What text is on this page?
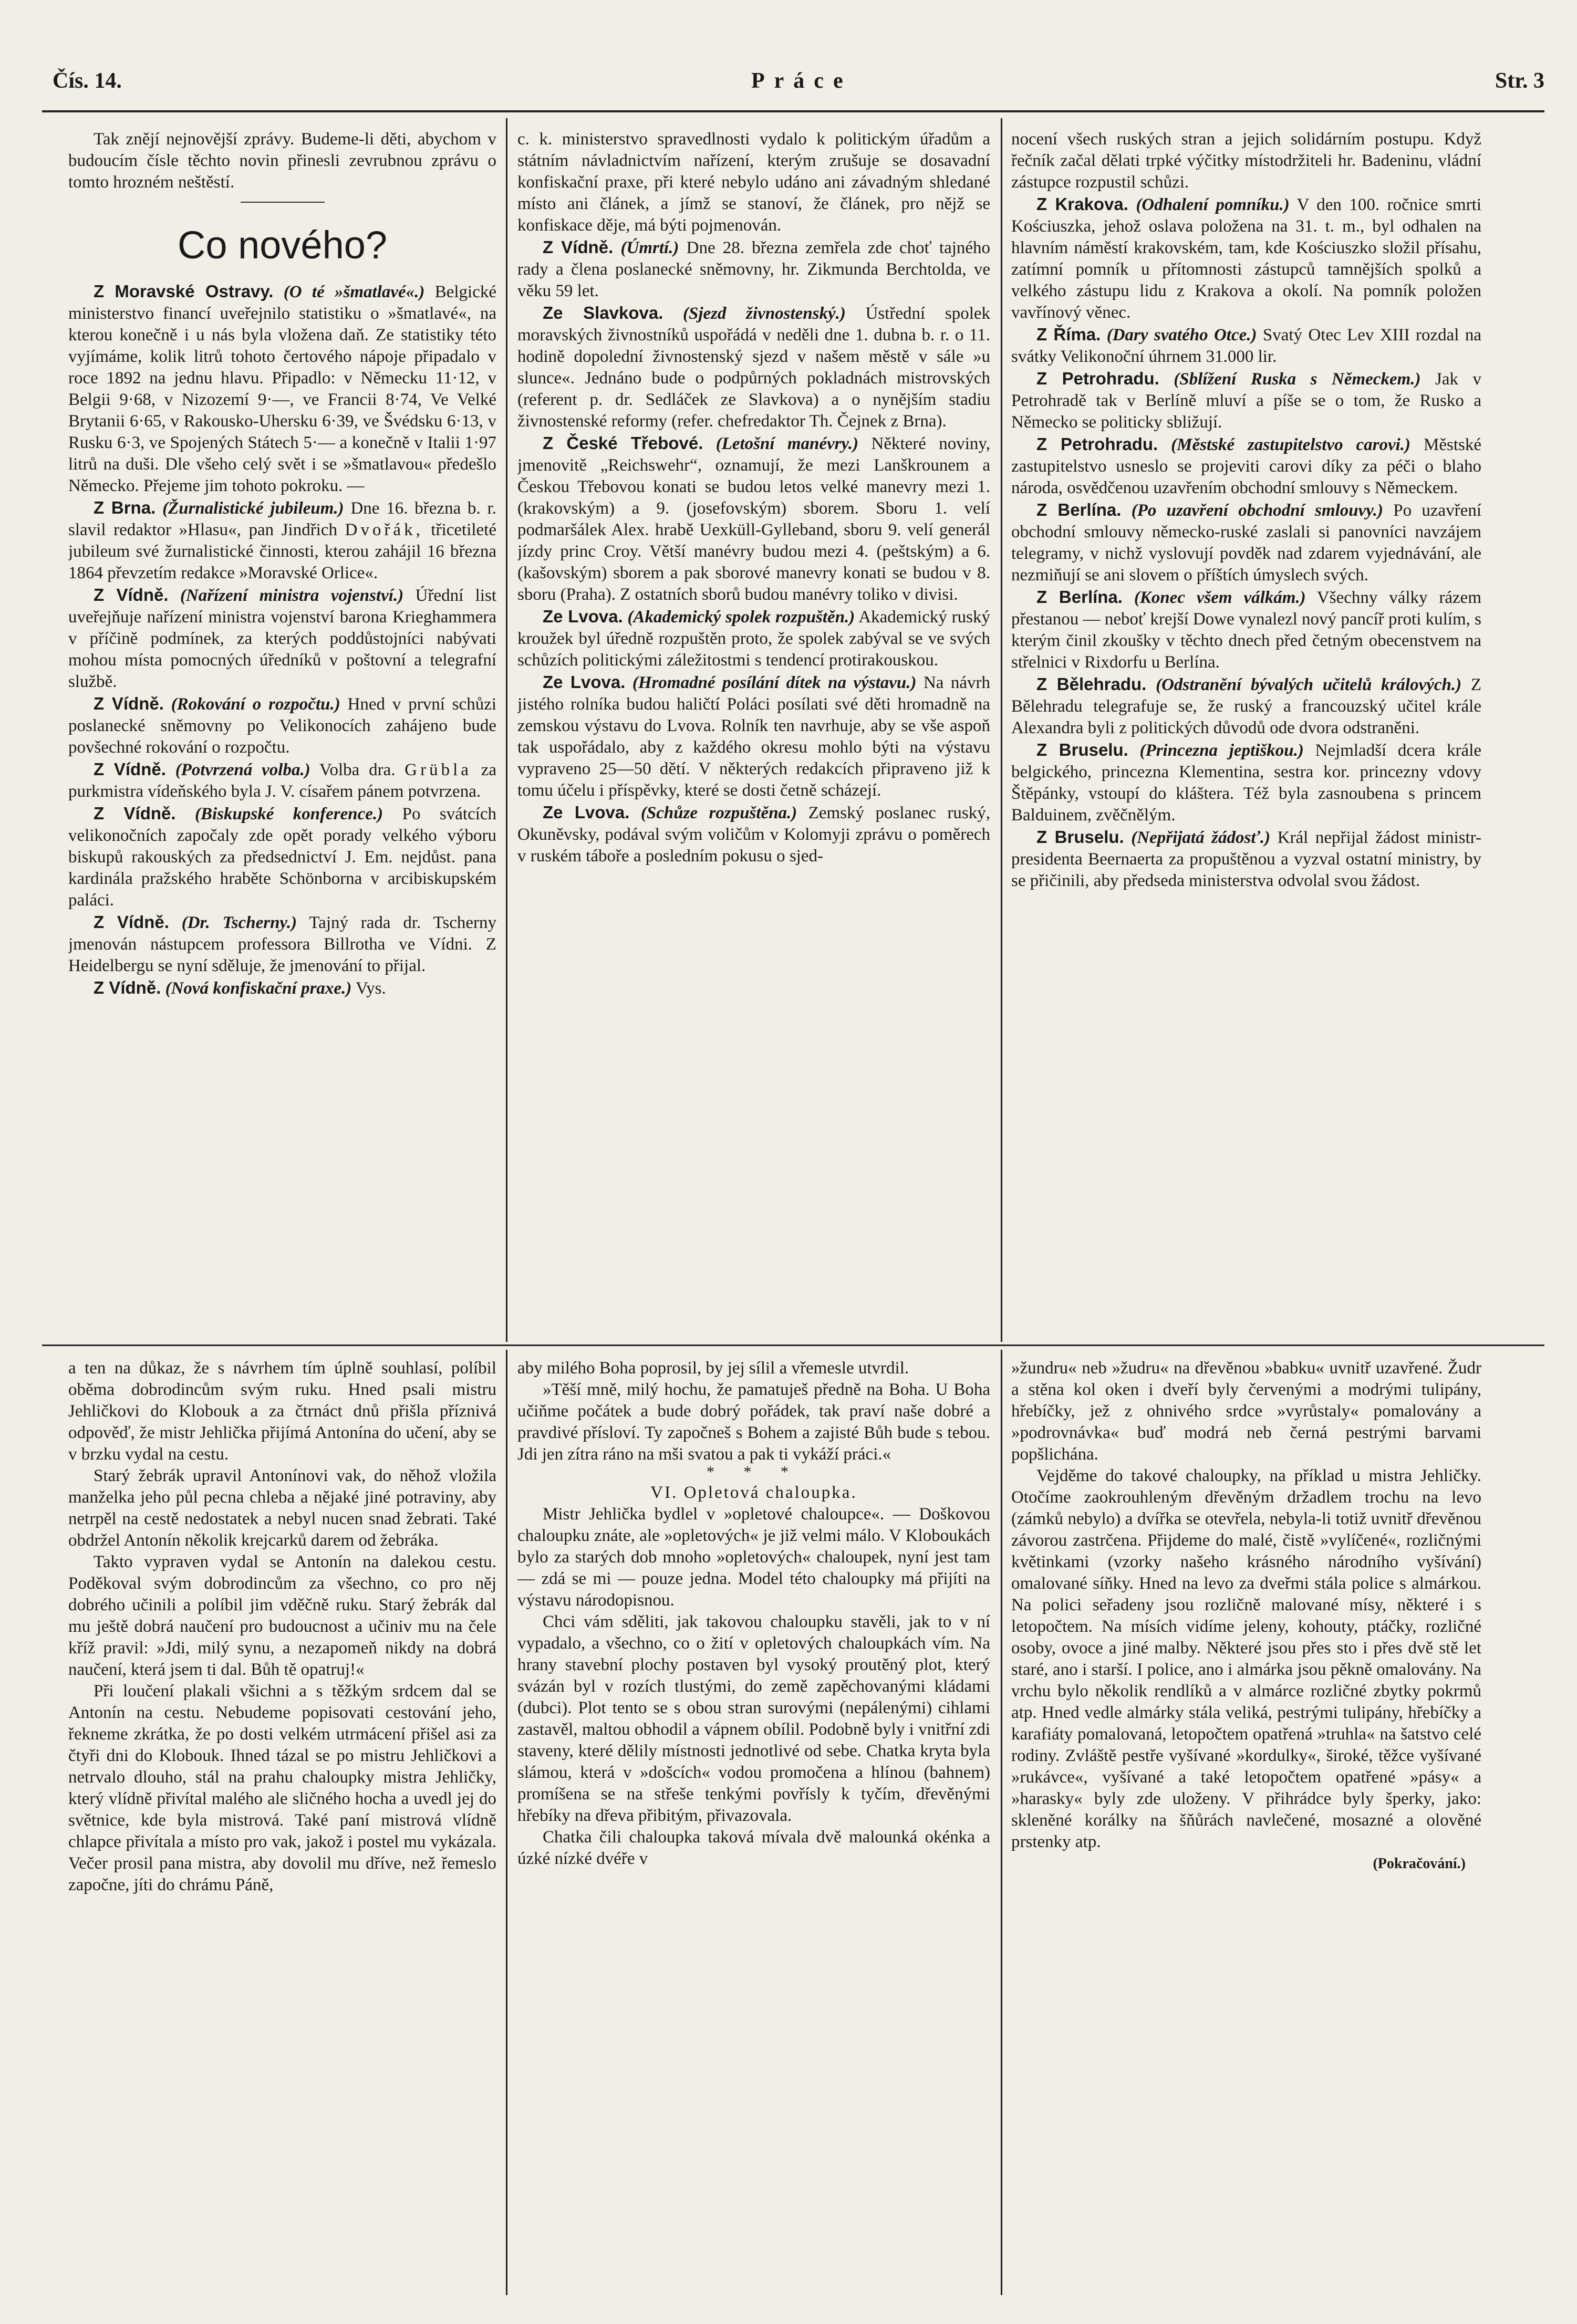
Čís. 14.	Práce	Str. 3

Tak znějí nejnovější zprávy. Budeme-li děti, abychom v budoucím čísle těchto novin přinesli zevrubnou zprávu o tomto hrozném neštěstí.

Co nového?

Z Moravské Ostravy. (O té »šmatlavé«.) Belgické ministerstvo financí uveřejnilo statistiku o »šmatlavé«, na kterou konečně i u nás byla vložena daň. Ze statistiky této vyjímáme, kolik litrů tohoto čertového nápoje připadalo v roce 1892 na jednu hlavu. Připadlo: v Německu 11·12, v Belgii 9·68, v Nizozemí 9·—, ve Francii 8·74, Ve Velké Brytanii 6·65, v Rakousko-Uhersku 6·39, ve Švédsku 6·13, v Rusku 6·3, ve Spojených Státech 5·— a konečně v Italii 1·97 litrů na duši. Dle všeho celý svět i se »šmatlavou« předešlo Německo. Přejeme jim tohoto pokroku. —

Z Brna. (Žurnalistické jubileum.) Dne 16. března b. r. slavil redaktor »Hlasu«, pan Jindřich Dvořák, třicetileté jubileum své žurnalistické činnosti, kterou zahájil 16 března 1864 převzetím redakce »Moravské Orlice«.

Z Vídně. (Nařízení ministra vojenství.) Úřední list uveřejňuje nařízení ministra vojenství barona Krieghammera v příčině podmínek, za kterých poddůstojníci nabývati mohou místa pomocných úředníků v poštovní a telegrafní službě.

Z Vídně. (Rokování o rozpočtu.) Hned v první schůzi poslanecké sněmovny po Velikonocích zahájeno bude povšechné rokování o rozpočtu.

Z Vídně. (Potvrzená volba.) Volba dra. Grübla za purkmistra vídeňského byla J. V. císařem pánem potvrzena.

Z Vídně. (Biskupské konference.) Po svátcích velikonočních započaly zde opět porady velkého výboru biskupů rakouských za předsednictví J. Em. nejdůst. pana kardinála pražského hraběte Schönborna v arcibiskupském paláci.

Z Vídně. (Dr. Tscherny.) Tajný rada dr. Tscherny jmenován nástupcem professora Billrotha ve Vídni. Z Heidelbergu se nyní sděluje, že jmenování to přijal.

Z Vídně. (Nová konfiskační praxe.) Vys.

c. k. ministerstvo spravedlnosti vydalo k politickým úřadům a státním návladnictvím nařízení, kterým zrušuje se dosavadní konfiskační praxe, při které nebylo udáno ani závadným shledané místo ani článek, a jímž se stanoví, že článek, pro nějž se konfiskace děje, má býti pojmenován.

Z Vídně. (Úmrtí.) Dne 28. března zemřela zde choť tajného rady a člena poslanecké sněmovny, hr. Zikmunda Berchtolda, ve věku 59 let.

Ze Slavkova. (Sjezd živnostenský.) Ústřední spolek moravských živnostníků uspořádá v neděli dne 1. dubna b. r. o 11. hodině dopolední živnostenský sjezd v našem městě v sále »u slunce«. Jednáno bude o podpůrných pokladnách mistrovských (referent p. dr. Sedláček ze Slavkova) a o nynějším stadiu živnostenské reformy (refer. chefredaktor Th. Čejnek z Brna).

Z České Třebové. (Letošní manévry.) Některé noviny, jmenovitě „Reichswehr“, oznamují, že mezi Lanškrounem a Českou Třebovou konati se budou letos velké manevry mezi 1. (krakovským) a 9. (josefovským) sborem. Sboru 1. velí podmaršálek Alex. hrabě Uexküll-Gylleband, sboru 9. velí generál jízdy princ Croy. Větší manévry budou mezi 4. (peštským) a 6. (kašovským) sborem a pak sborové manevry konati se budou v 8. sboru (Praha). Z ostatních sborů budou manévry toliko v divisi.

Ze Lvova. (Akademický spolek rozpuštěn.) Akademický ruský kroužek byl úředně rozpuštěn proto, že spolek zabýval se ve svých schůzích politickými záležitostmi s tendencí protirakouskou.

Ze Lvova. (Hromadné posílání dítek na výstavu.) Na návrh jistého rolníka budou haličtí Poláci posílati své děti hromadně na zemskou výstavu do Lvova. Rolník ten navrhuje, aby se vše aspoň tak uspořádalo, aby z každého okresu mohlo býti na výstavu vypraveno 25—50 dětí. V některých redakcích připraveno již k tomu účelu i příspěvky, které se dosti četně scházejí.

Ze Lvova. (Schůze rozpuštěna.) Zemský poslanec ruský, Okuněvsky, podával svým voličům v Kolomyji zprávu o poměrech v ruském táboře a posledním pokusu o sjed-

nocení všech ruských stran a jejich solidárním postupu. Když řečník začal dělati trpké výčitky místodržiteli hr. Badeninu, vládní zástupce rozpustil schůzi.

Z Krakova. (Odhalení pomníku.) V den 100. ročnice smrti Kościuszka, jehož oslava položena na 31. t. m., byl odhalen na hlavním náměstí krakovském, tam, kde Kościuszko složil přísahu, zatímní pomník u přítomnosti zástupců tamnějších spolků a velkého zástupu lidu z Krakova a okolí. Na pomník položen vavřínový věnec.

Z Říma. (Dary svatého Otce.) Svatý Otec Lev XIII rozdal na svátky Velikonoční úhrnem 31.000 lir.

Z Petrohradu. (Sblížení Ruska s Německem.) Jak v Petrohradě tak v Berlíně mluví a píše se o tom, že Rusko a Německo se politicky sbližují.

Z Petrohradu. (Městské zastupitelstvo carovi.) Městské zastupitelstvo usneslo se projeviti carovi díky za péči o blaho národa, osvědčenou uzavřením obchodní smlouvy s Německem.

Z Berlína. (Po uzavření obchodní smlouvy.) Po uzavření obchodní smlouvy německo-ruské zaslali si panovníci navzájem telegramy, v nichž vyslovují povděk nad zdarem vyjednávání, ale nezmiňují se ani slovem o příštích úmyslech svých.

Z Berlína. (Konec všem válkám.) Všechny války rázem přestanou — neboť krejší Dowe vynalezl nový pancíř proti kulím, s kterým činil zkoušky v těchto dnech před četným obecenstvem na střelnici v Rixdorfu u Berlína.

Z Bělehradu. (Odstranění bývalých učitelů králových.) Z Bělehradu telegrafuje se, že ruský a francouzský učitel krále Alexandra byli z politických důvodů ode dvora odstraněni.

Z Bruselu. (Princezna jeptiškou.) Nejmladší dcera krále belgického, princezna Klementina, sestra kor. princezny vdovy Štěpánky, vstoupí do kláštera. Též byla zasnoubena s princem Balduinem, zvěčnělým.

Z Bruselu. (Nepřijatá žádosť.) Král nepřijal žádost ministr-presidenta Beernaerta za propuštěnou a vyzval ostatní ministry, by se přičinili, aby předseda ministerstva odvolal svou žádost.

a ten na důkaz, že s návrhem tím úplně souhlasí, políbil oběma dobrodincům svým ruku. Hned psali mistru Jehličkovi do Klobouk a za čtrnáct dnů přišla příznivá odpověď, že mistr Jehlička přijímá Antonína do učení, aby se v brzku vydal na cestu.

Starý žebrák upravil Antonínovi vak, do něhož vložila manželka jeho půl pecna chleba a nějaké jiné potraviny, aby netrpěl na cestě nedostatek a nebyl nucen snad žebrati. Také obdržel Antonín několik krejcarků darem od žebráka.

Takto vypraven vydal se Antonín na dalekou cestu. Poděkoval svým dobrodincům za všechno, co pro něj dobrého učinili a políbil jim vděčně ruku. Starý žebrák dal mu ještě dobrá naučení pro budoucnost a učiniv mu na čele kříž pravil: »Jdi, milý synu, a nezapomeň nikdy na dobrá naučení, která jsem ti dal. Bůh tě opatruj!«

Při loučení plakali všichni a s těžkým srdcem dal se Antonín na cestu. Nebudeme popisovati cestování jeho, řekneme zkrátka, že po dosti velkém utrmácení přišel asi za čtyři dni do Klobouk. Ihned tázal se po mistru Jehličkovi a netrvalo dlouho, stál na prahu chaloupky mistra Jehličky, který vlídně přivítal malého ale sličného hocha a uvedl jej do světnice, kde byla mistrová. Také paní mistrová vlídně chlapce přivítala a místo pro vak, jakož i postel mu vykázala. Večer prosil pana mistra, aby dovolil mu dříve, než řemeslo započne, jíti do chrámu Páně,

aby milého Boha poprosil, by jej sílil a vřemesle utvrdil.

»Těší mně, milý hochu, že pamatuješ předně na Boha. U Boha učiňme počátek a bude dobrý pořádek, tak praví naše dobré a pravdivé přísloví. Ty započneš s Bohem a zajisté Bůh bude s tebou. Jdi jen zítra ráno na mši svatou a pak ti vykáží práci.«

* * *

VI. Opletová chaloupka.

Mistr Jehlička bydlel v »opletové chaloupce«. — Doškovou chaloupku znáte, ale »opletových« je již velmi málo. V Kloboukách bylo za starých dob mnoho »opletových« chaloupek, nyní jest tam — zdá se mi — pouze jedna. Model této chaloupky má přijíti na výstavu národopisnou.

Chci vám sděliti, jak takovou chaloupku stavěli, jak to v ní vypadalo, a všechno, co o žití v opletových chaloupkách vím. Na hrany stavební plochy postaven byl vysoký proutěný plot, který svázán byl v rozích tlustými, do země zapěchovanými kládami (dubci). Plot tento se s obou stran surovými (nepálenými) cihlami zastavěl, maltou obhodil a vápnem obílil. Podobně byly i vnitřní zdi staveny, které dělily místnosti jednotlivé od sebe. Chatka kryta byla slámou, která v »došcích« vodou promočena a hlínou (bahnem) promíšena se na střeše tenkými povřísly k tyčím, dřevěnými hřebíky na dřeva přibitým, přivazovala.

Chatka čili chaloupka taková mívala dvě malounká okénka a úzké nízké dvéře v

»žundru« neb »žudru« na dřevěnou »babku« uvnitř uzavřené. Žudr a stěna kol oken i dveří byly červenými a modrými tulipány, hřebíčky, jež z ohnivého srdce »vyrůstaly« pomalovány a »podrovnávka« buď modrá neb černá pestrými barvami popšlichána.

Vejděme do takové chaloupky, na příklad u mistra Jehličky. Otočíme zaokrouhleným dřevěným držadlem trochu na levo (zámků nebylo) a dvířka se otevřela, nebyla-li totiž uvnitř dřevěnou závorou zastrčena. Přijdeme do malé, čistě »vylíčené«, rozličnými květinkami (vzorky našeho krásného národního vyšívání) omalované síňky. Hned na levo za dveřmi stála police s almárkou. Na polici seřadeny jsou rozličně malované mísy, některé i s letopočtem. Na mísích vidíme jeleny, kohouty, ptáčky, rozličné osoby, ovoce a jiné malby. Některé jsou přes sto i přes dvě stě let staré, ano i starší. I police, ano i almárka jsou pěkně omalovány. Na vrchu bylo několik rendlíků a v almárce rozličné zbytky pokrmů atp. Hned vedle almárky stála veliká, pestrými tulipány, hřebíčky a karafiáty pomalovaná, letopočtem opatřená »truhla« na šatstvo celé rodiny. Zvláště pestře vyšívané »kordulky«, široké, těžce vyšívané »rukávce«, vyšívané a také letopočtem opatřené »pásy« a »harasky« byly zde uloženy. V přihrádce byly šperky, jako: skleněné korálky na šňůrách navlečené, mosazné a olověné prstenky atp.

(Pokračování.)
